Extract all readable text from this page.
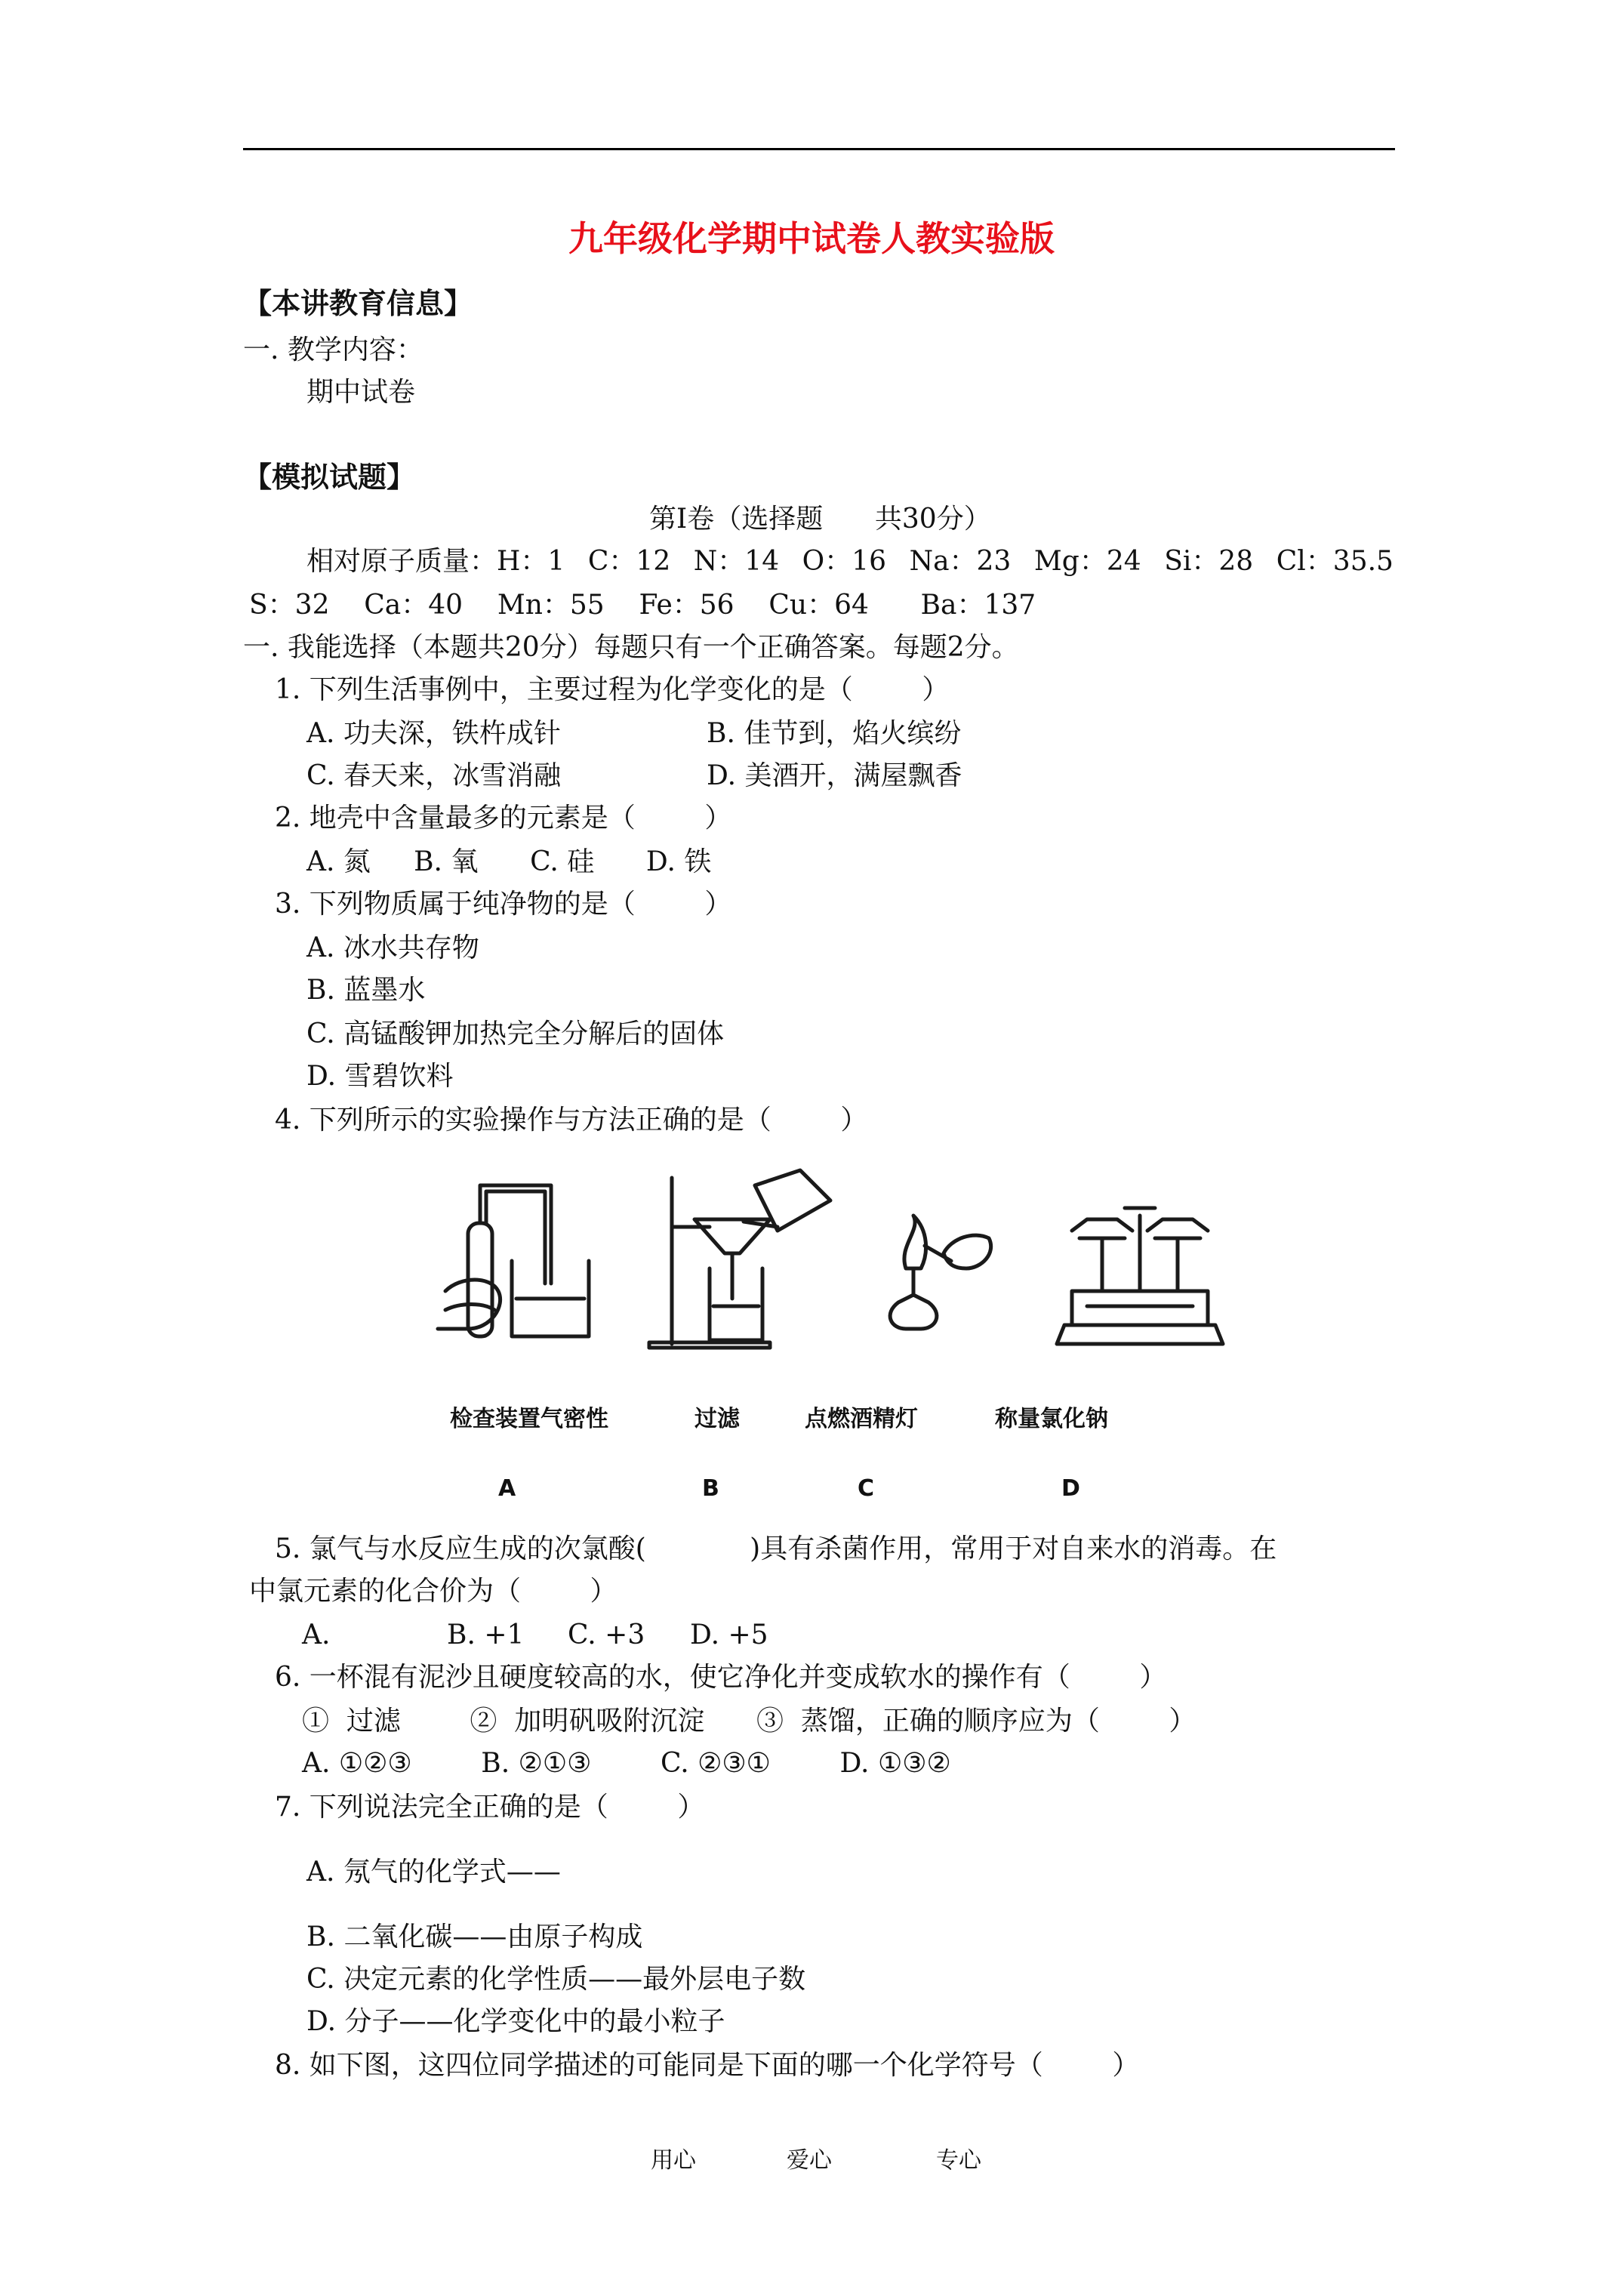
九年级化学期中试卷人教实验版
【本讲教育信息】
一. 教学内容：
期中试卷
【模拟试题】
第Ⅰ卷（选择题      共30分）
相对原子质量：H：1 C：12 N：14 O：16 Na：23 Mg：24 Si：28 Cl：35.5
S：32    Ca：40    Mn：55    Fe：56    Cu：64      Ba：137
一. 我能选择（本题共20分）每题只有一个正确答案。每题2分。
1. 下列生活事例中，主要过程为化学变化的是（        ）
A. 功夫深，铁杵成针	B. 佳节到，焰火缤纷
C. 春天来，冰雪消融	D. 美酒开，满屋飘香
2. 地壳中含量最多的元素是（        ）
A. 氮     B. 氧      C. 硅      D. 铁
3. 下列物质属于纯净物的是（        ）
A. 冰水共存物
B. 蓝墨水
C. 高锰酸钾加热完全分解后的固体
D. 雪碧饮料
4. 下列所示的实验操作与方法正确的是（        ）
检查装置气密性	过滤	点燃酒精灯	称量氯化钠
A	B	C	D
5. 氯气与水反应生成的次氯酸(            )具有杀菌作用，常用于对自来水的消毒。在
中氯元素的化合价为（        ）
A.	B. +1 C. +3 D. +5
6. 一杯混有泥沙且硬度较高的水，使它净化并变成软水的操作有（        ）
①  过滤        ②  加明矾吸附沉淀      ③  蒸馏，正确的顺序应为（        ）
A. ①②③        B. ②①③        C. ②③①        D. ①③②
7. 下列说法完全正确的是（        ）
A. 氖气的化学式——
B. 二氧化碳——由原子构成
C. 决定元素的化学性质——最外层电子数
D. 分子——化学变化中的最小粒子
8. 如下图，这四位同学描述的可能同是下面的哪一个化学符号（        ）
用心	爱心	专心
